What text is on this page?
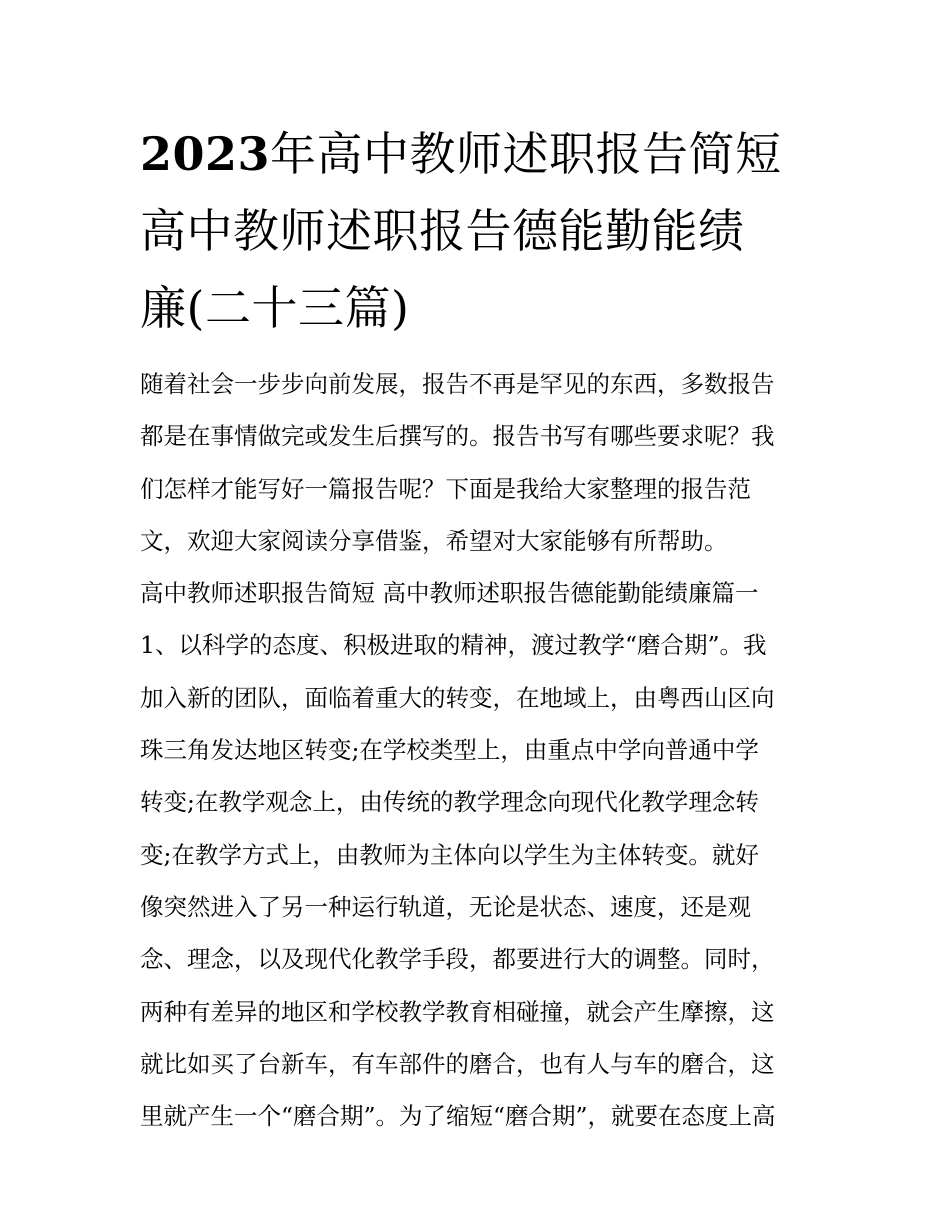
2023年高中教师述职报告简短
高中教师述职报告德能勤能绩
廉(二十三篇)
随着社会一步步向前发展，报告不再是罕见的东西，多数报告
都是在事情做完或发生后撰写的。报告书写有哪些要求呢？我
们怎样才能写好一篇报告呢？下面是我给大家整理的报告范
文，欢迎大家阅读分享借鉴，希望对大家能够有所帮助。
高中教师述职报告简短 高中教师述职报告德能勤能绩廉篇一
1、以科学的态度、积极进取的精神，渡过教学“磨合期”。我
加入新的团队，面临着重大的转变，在地域上，由粤西山区向
珠三角发达地区转变;在学校类型上，由重点中学向普通中学
转变;在教学观念上，由传统的教学理念向现代化教学理念转
变;在教学方式上，由教师为主体向以学生为主体转变。就好
像突然进入了另一种运行轨道，无论是状态、速度，还是观
念、理念，以及现代化教学手段，都要进行大的调整。同时，
两种有差异的地区和学校教学教育相碰撞，就会产生摩擦，这
就比如买了台新车，有车部件的磨合，也有人与车的磨合，这
里就产生一个“磨合期”。为了缩短“磨合期”，就要在态度上高
